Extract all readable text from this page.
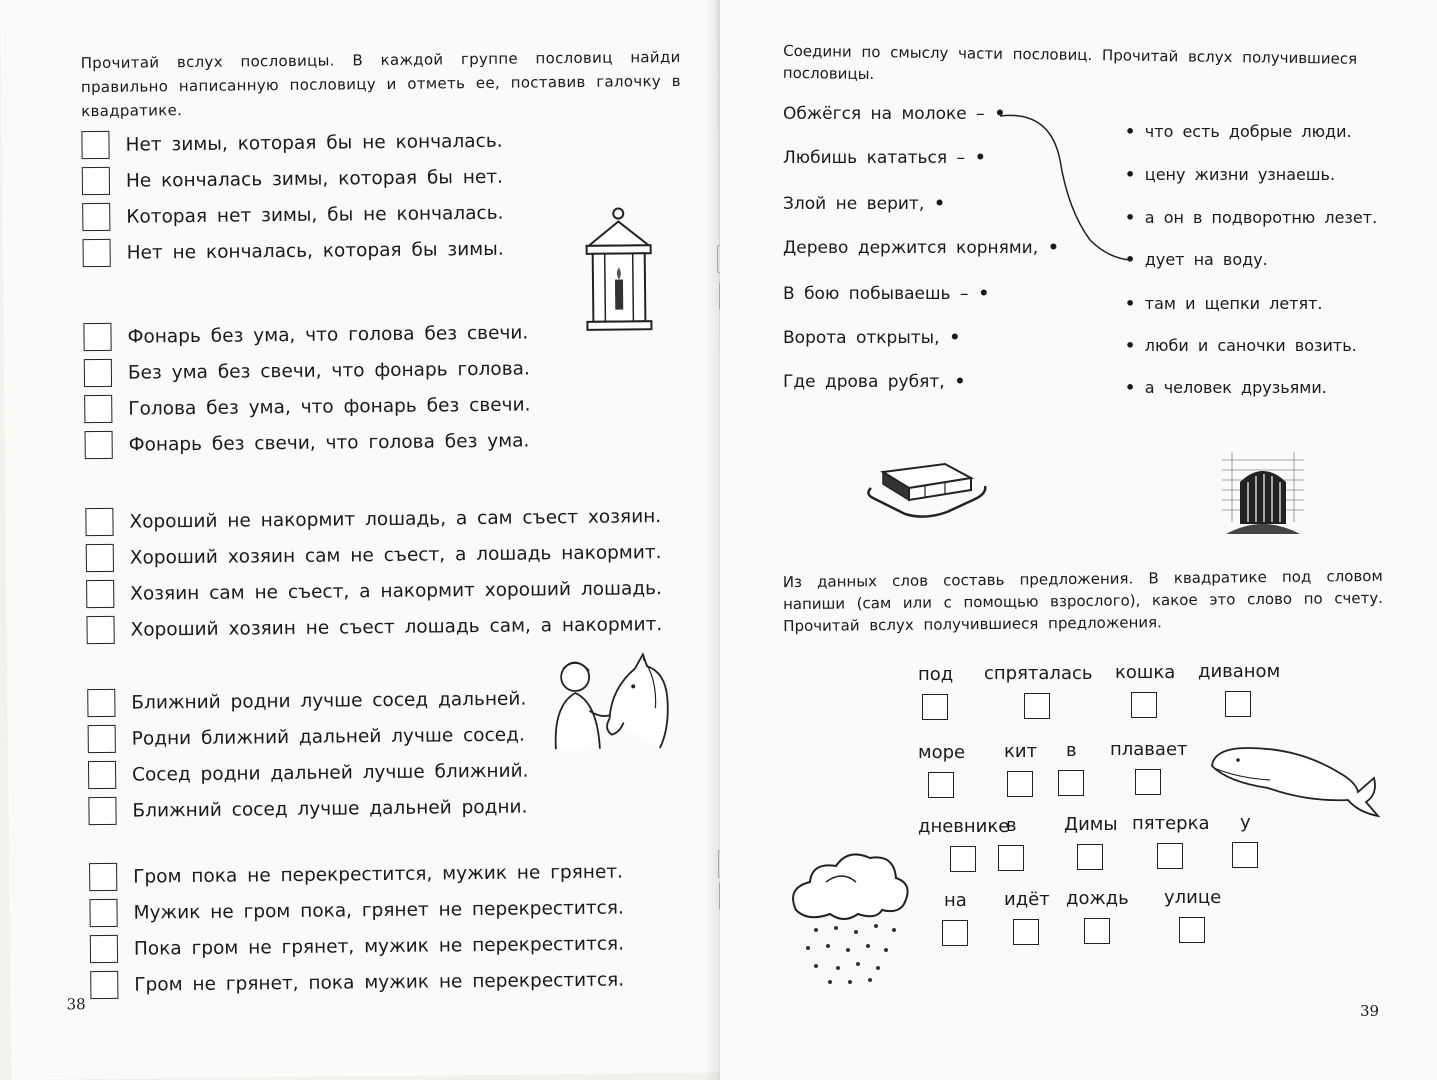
Прочитай вслух пословицы. В каждой группе пословиц найди правильно написанную пословицу и отметь ее, поставив галочку в квадратике.
Нет зимы, которая бы не кончалась.
Не кончалась зимы, которая бы нет.
Которая нет зимы, бы не кончалась.
Нет не кончалась, которая бы зимы.
Фонарь без ума, что голова без свечи.
Без ума без свечи, что фонарь голова.
Голова без ума, что фонарь без свечи.
Фонарь без свечи, что голова без ума.
Хороший не накормит лошадь, а сам съест хозяин.
Хороший хозяин сам не съест, а лошадь накормит.
Хозяин сам не съест, а накормит хороший лошадь.
Хороший хозяин не съест лошадь сам, а накормит.
Ближний родни лучше сосед дальней.
Родни ближний дальней лучше сосед.
Сосед родни дальней лучше ближний.
Ближний сосед лучше дальней родни.
Гром пока не перекрестится, мужик не грянет.
Мужик не гром пока, грянет не перекрестится.
Пока гром не грянет, мужик не перекрестится.
Гром не грянет, пока мужик не перекрестится.
38
Соедини по смыслу части пословиц. Прочитай вслух получившиеся пословицы.
Обжёгся на молоке – •
Любишь кататься – •
Злой не верит, •
Дерево держится корнями, •
В бою побываешь – •
Ворота открыты, •
Где дрова рубят, •
• что есть добрые люди.
• цену жизни узнаешь.
• а он в подворотню лезет.
• дует на воду.
• там и щепки летят.
• люби и саночки возить.
• а человек друзьями.
Из данных слов составь предложения. В квадратике под словом напиши (сам или с помощью взрослого), какое это слово по счету. Прочитай вслух получившиеся предложения.
под спряталась кошка диваном
море кит в плавает
дневнике
в	Димы пятерка у
на идёт дождь улице
39
